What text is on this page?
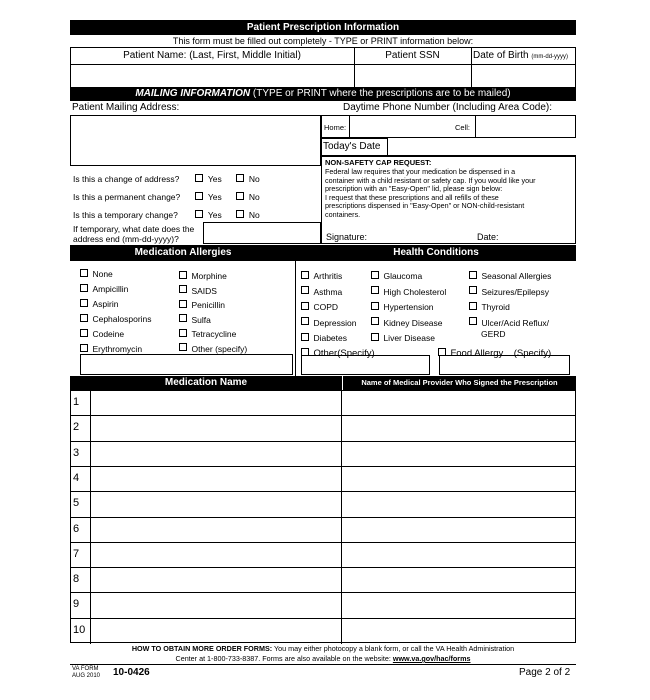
Patient Prescription Information
This form must be filled out completely - TYPE or PRINT information below:
Patient Name: (Last, First, Middle Initial)	Patient SSN	Date of Birth (mm-dd-yyyy)
MAILING INFORMATION (TYPE or PRINT where the prescriptions are to be mailed)
Patient Mailing Address:	Daytime Phone Number (Including Area Code):
Home:	Cell:
Today's Date
Is this a change of address?	Yes	No
Is this a permanent change?	Yes	No
Is this a temporary change?	Yes	No
If temporary, what date does the
address end (mm-dd-yyyy)?
NON-SAFETY CAP REQUEST:
Federal law requires that your medication be dispensed in a
container with a child resistant or safety cap. If you would like your
prescription with an "Easy-Open" lid, please sign below:
I request that these prescriptions and all refills of these
prescriptions dispensed in "Easy-Open" or NON-child-resistant
containers.
Signature:	Date:
Medication Allergies	Health Conditions
None
Ampicillin
Aspirin
Cephalosporins
Codeine
Erythromycin
Morphine
SAIDS
Penicillin
Sulfa
Tetracycline
Other (specify)
Arthritis
Asthma
COPD
Depression
Diabetes
Glaucoma
High Cholesterol
Hypertension
Kidney Disease
Liver Disease
Seasonal Allergies
Seizures/Epilepsy
Thyroid
Ulcer/Acid Reflux/
GERD
Other(Specify)	Food Allergy (Specify)
Medication Name	Name of Medical Provider Who Signed the Prescription
1
2
3
4
5
6
7
8
9
10
HOW TO OBTAIN MORE ORDER FORMS: You may either photocopy a blank form, or call the VA Health Administration
Center at 1-800-733-8387. Forms are also available on the website: www.va.gov/hac/forms
VA FORM
AUG 2010 10-0426	Page 2 of 2
